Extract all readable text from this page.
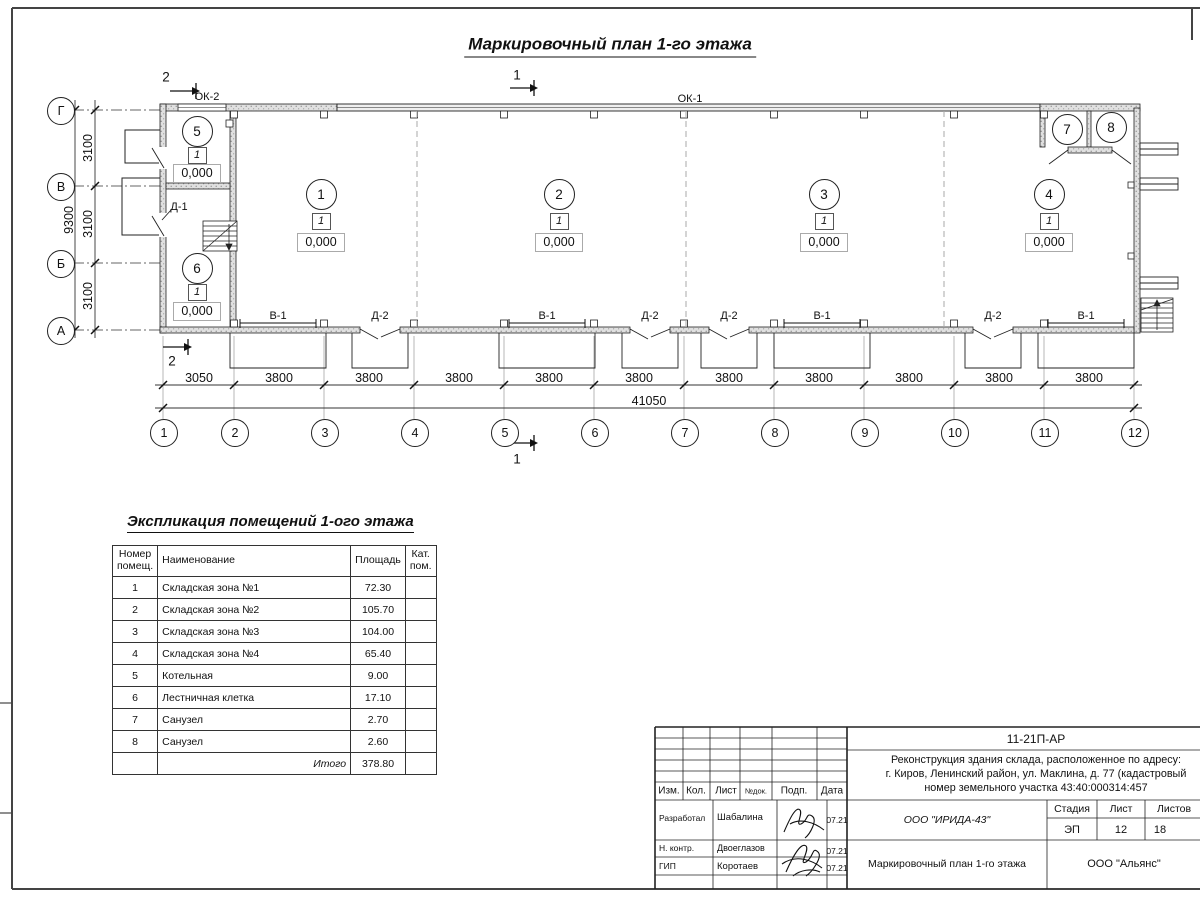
Маркировочный план 1-го этажа
Экспликация помещений 1-ого этажа
Номер помещ.	Наименование	Площадь	Кат. пом.
1	Складская зона №1	72.30	
2	Складская зона №2	105.70	
3	Складская зона №3	104.00	
4	Складская зона №4	65.40	
5	Котельная	9.00	
6	Лестничная клетка	17.10	
7	Санузел	2.70	
8	Санузел	2.60	
	Итого	378.80	
ОК-2	ОК-1
Д-1
В-1	Д-2	В-1	Д-2	Д-2	В-1	Д-2	В-1
3050	3800	3800	3800	3800	3800	3800	3800	3800	3800	3800
41050
3100
3100
3100
9300
2	1
2
1
Г
В
Б
А
1	2	3	4	5	6	7	8	9	10	11	12
1
1
0,000
2
1
0,000
3
1
0,000
4
1
0,000
5
1
0,000
6
1
0,000
7	8
11-21П-АР
Реконструкция здания склада, расположенное по адресу:
г. Киров, Ленинский район, ул. Маклина, д. 77 (кадастровый
номер земельного участка 43:40:000314:457
Изм. Кол. Лист №док. Подп. Дата
Разработал Шабалина	07.21
Н. контр.	Двоеглазов	07.21
ГИП	Коротаев	07.21
ООО "ИРИДА-43"
Маркировочный план 1-го этажа
Стадия Лист Листов
ЭП	12 18
ООО "Альянс"
